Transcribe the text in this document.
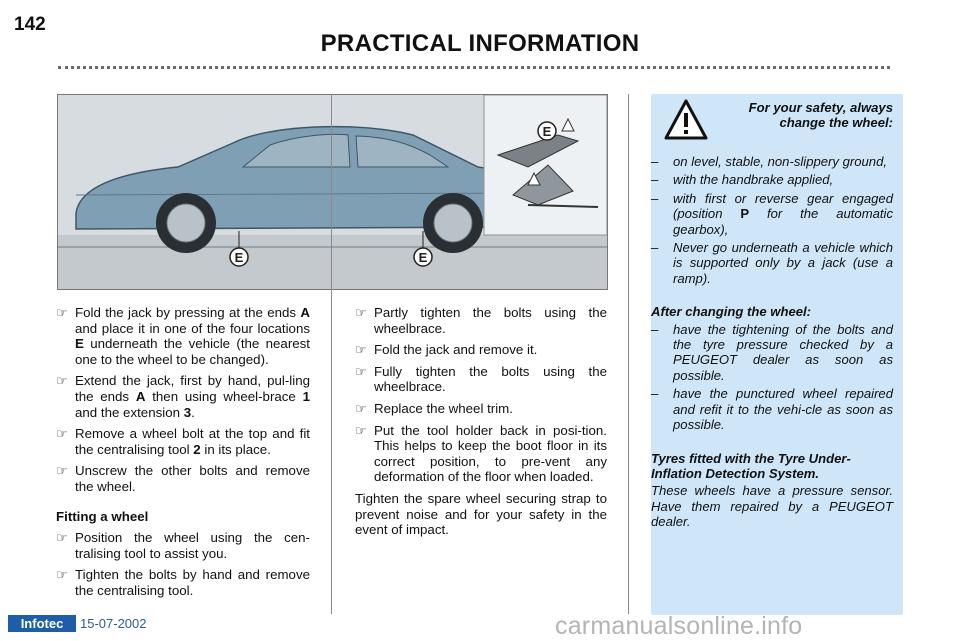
142
PRACTICAL INFORMATION
E
E	E
☞ Fold the jack by pressing at the ends A and place it in one of the four locations E underneath the vehicle (the nearest one to the wheel to be changed).
☞ Extend the jack, first by hand, pul-ling the ends A then using wheel-brace 1 and the extension 3.
☞ Remove a wheel bolt at the top and fit the centralising tool 2 in its place.
☞ Unscrew the other bolts and remove the wheel.
Fitting a wheel
☞ Position the wheel using the cen-tralising tool to assist you.
☞ Tighten the bolts by hand and remove the centralising tool.
☞ Partly tighten the bolts using the wheelbrace.
☞ Fold the jack and remove it.
☞ Fully tighten the bolts using the wheelbrace.
☞ Replace the wheel trim.
☞ Put the tool holder back in posi-tion. This helps to keep the boot floor in its correct position, to pre-vent any deformation of the floor when loaded.
Tighten the spare wheel securing strap to prevent noise and for your safety in the event of impact.
For your safety, always change the wheel:
– on level, stable, non-slippery ground,
– with the handbrake applied,
– with first or reverse gear engaged (position P for the automatic gearbox),
– Never go underneath a vehicle which is supported only by a jack (use a ramp).
After changing the wheel:
– have the tightening of the bolts and the tyre pressure checked by a PEUGEOT dealer as soon as possible.
– have the punctured wheel repaired and refit it to the vehi-cle as soon as possible.
Tyres fitted with the Tyre Under-Inflation Detection System.
These wheels have a pressure sensor. Have them repaired by a PEUGEOT dealer.
Infotec	15-07-2002	carmanualsonline.info
